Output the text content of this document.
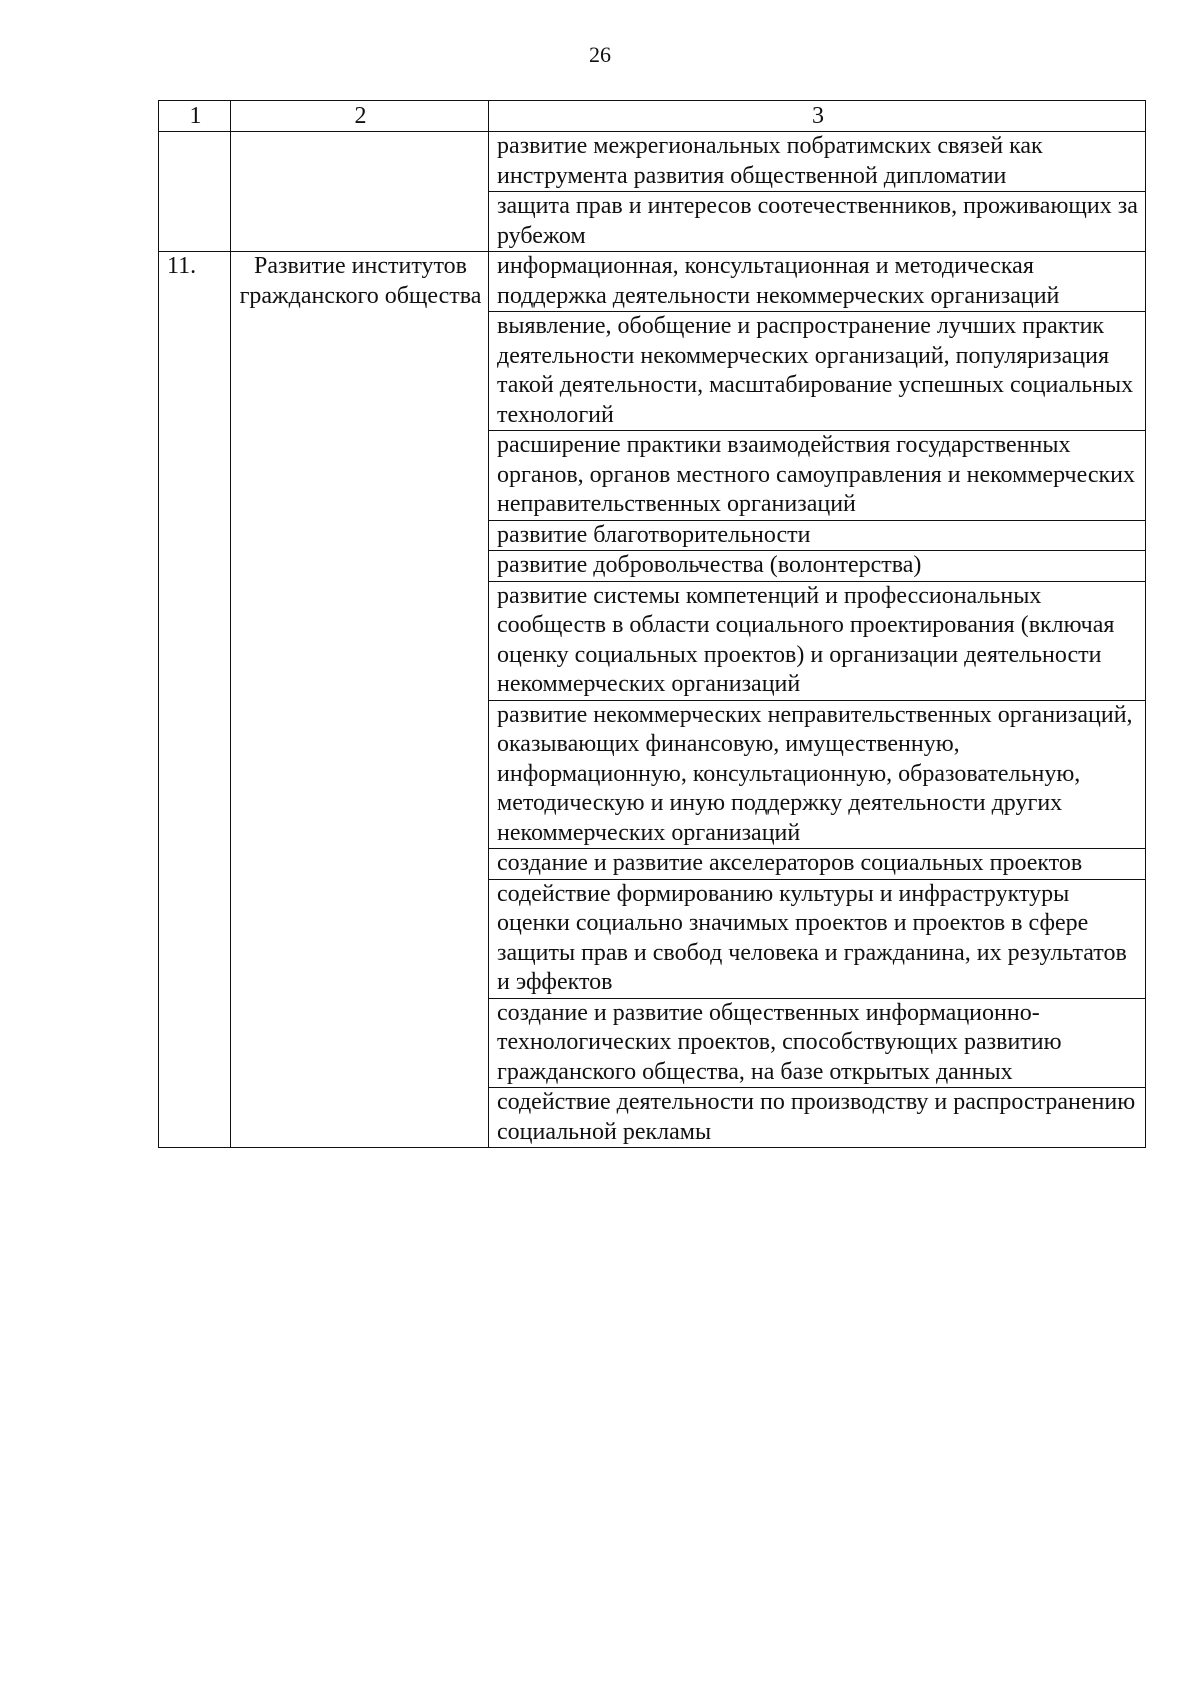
26
1	2	3
		развитие межрегиональных побратимских связей как инструмента развития общественной дипломатии
		защита прав и интересов соотечественников, проживающих за рубежом
11.	Развитие институтов гражданского общества	информационная, консультационная и методическая поддержка деятельности некоммерческих организаций
		выявление, обобщение и распространение лучших практик деятельности некоммерческих организаций, популяризация такой деятельности, масштабирование успешных социальных технологий
		расширение практики взаимодействия государственных органов, органов местного самоуправления и некоммерческих неправительственных организаций
		развитие благотворительности
		развитие добровольчества (волонтерства)
		развитие системы компетенций и профессиональных сообществ в области социального проектирования (включая оценку социальных проектов) и организации деятельности некоммерческих организаций
		развитие некоммерческих неправительственных организаций, оказывающих финансовую, имущественную, информационную, консультационную, образовательную, методическую и иную поддержку деятельности других некоммерческих организаций
		создание и развитие акселераторов социальных проектов
		содействие формированию культуры и инфраструктуры оценки социально значимых проектов и проектов в сфере защиты прав и свобод человека и гражданина, их результатов и эффектов
		создание и развитие общественных информационно-технологических проектов, способствующих развитию гражданского общества, на базе открытых данных
		содействие деятельности по производству и распространению социальной рекламы
